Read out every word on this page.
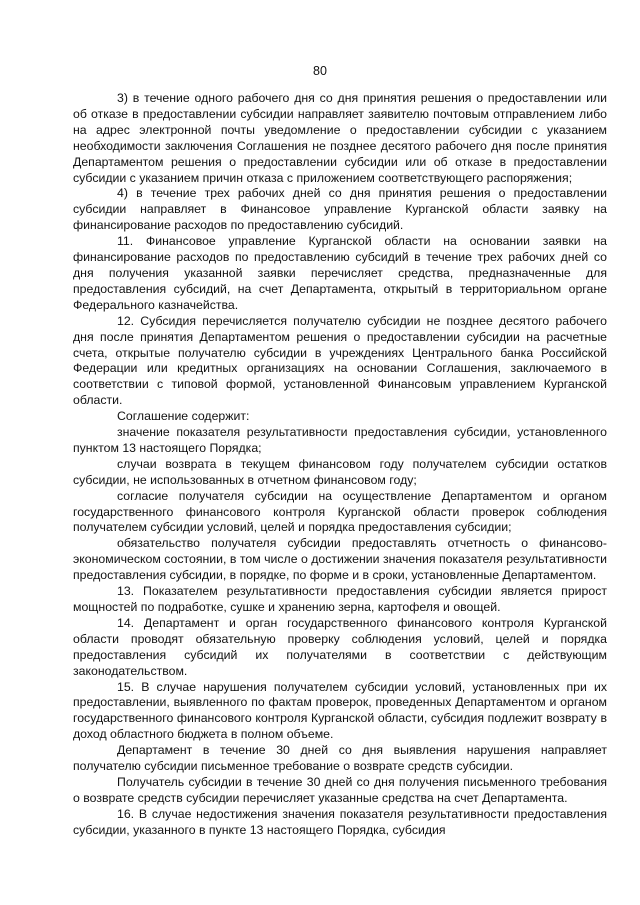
80

3) в течение одного рабочего дня со дня принятия решения о предоставлении или об отказе в предоставлении субсидии направляет заявителю почтовым отправлением либо на адрес электронной почты уведомление о предоставлении субсидии с указанием необходимости заключения Соглашения не позднее десятого рабочего дня после принятия Департаментом решения о предоставлении субсидии или об отказе в предоставлении субсидии с указанием причин отказа с приложением соответствующего распоряжения;

4) в течение трех рабочих дней со дня принятия решения о предоставлении субсидии направляет в Финансовое управление Курганской области заявку на финансирование расходов по предоставлению субсидий.

11. Финансовое управление Курганской области на основании заявки на финансирование расходов по предоставлению субсидий в течение трех рабочих дней со дня получения указанной заявки перечисляет средства, предназначенные для предоставления субсидий, на счет Департамента, открытый в территориальном органе Федерального казначейства.

12. Субсидия перечисляется получателю субсидии не позднее десятого рабочего дня после принятия Департаментом решения о предоставлении субсидии на расчетные счета, открытые получателю субсидии в учреждениях Центрального банка Российской Федерации или кредитных организациях на основании Соглашения, заключаемого в соответствии с типовой формой, установленной Финансовым управлением Курганской области.

Соглашение содержит:

значение показателя результативности предоставления субсидии, установленного пунктом 13 настоящего Порядка;

случаи возврата в текущем финансовом году получателем субсидии остатков субсидии, не использованных в отчетном финансовом году;

согласие получателя субсидии на осуществление Департаментом и органом государственного финансового контроля Курганской области проверок соблюдения получателем субсидии условий, целей и порядка предоставления субсидии;

обязательство получателя субсидии предоставлять отчетность о финансово-экономическом состоянии, в том числе о достижении значения показателя результативности предоставления субсидии, в порядке, по форме и в сроки, установленные Департаментом.

13. Показателем результативности предоставления субсидии является прирост мощностей по подработке, сушке и хранению зерна, картофеля и овощей.

14. Департамент и орган государственного финансового контроля Курганской области проводят обязательную проверку соблюдения условий, целей и порядка предоставления субсидий их получателями в соответствии с действующим законодательством.

15. В случае нарушения получателем субсидии условий, установленных при их предоставлении, выявленного по фактам проверок, проведенных Департаментом и органом государственного финансового контроля Курганской области, субсидия подлежит возврату в доход областного бюджета в полном объеме.

Департамент в течение 30 дней со дня выявления нарушения направляет получателю субсидии письменное требование о возврате средств субсидии.

Получатель субсидии в течение 30 дней со дня получения письменного требования о возврате средств субсидии перечисляет указанные средства на счет Департамента.

16. В случае недостижения значения показателя результативности предоставления субсидии, указанного в пункте 13 настоящего Порядка, субсидия
